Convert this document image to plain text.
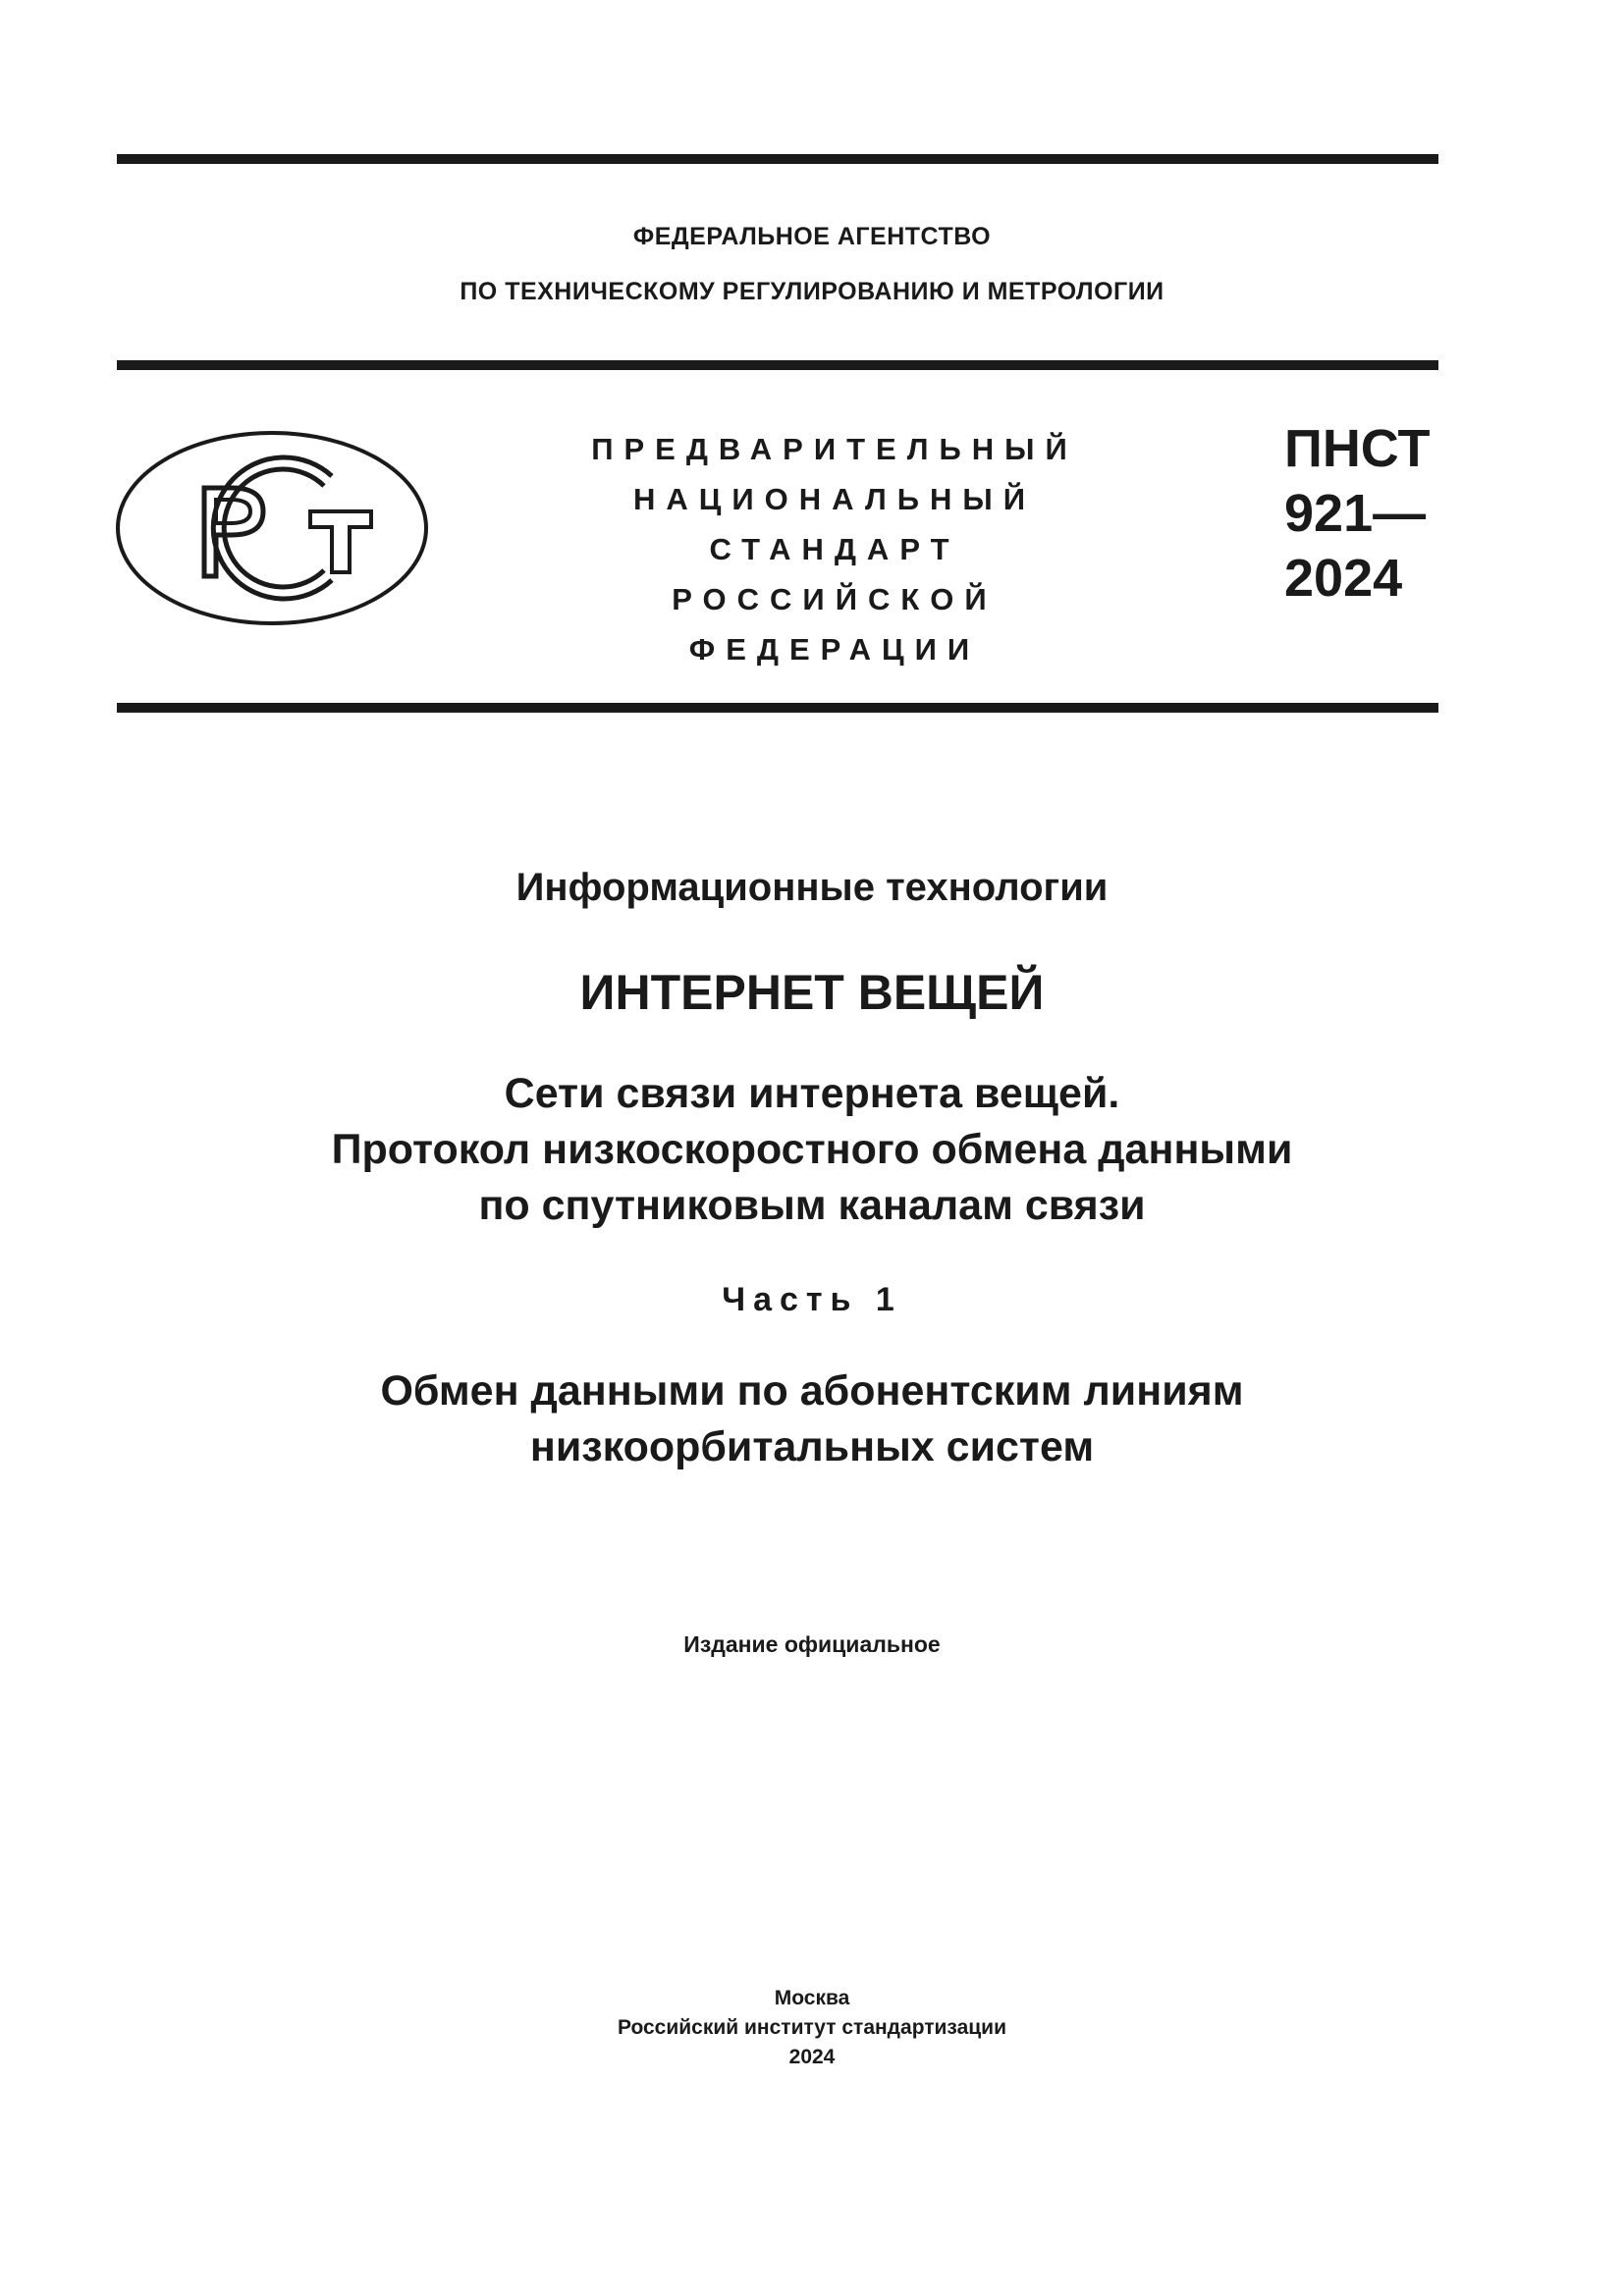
ФЕДЕРАЛЬНОЕ АГЕНТСТВО
ПО ТЕХНИЧЕСКОМУ РЕГУЛИРОВАНИЮ И МЕТРОЛОГИИ
ПРЕДВАРИТЕЛЬНЫЙ
НАЦИОНАЛЬНЫЙ
СТАНДАРТ
РОССИЙСКОЙ
ФЕДЕРАЦИИ
ПНСТ
921—
2024
Информационные технологии
ИНТЕРНЕТ ВЕЩЕЙ
Сети связи интернета вещей.
Протокол низкоскоростного обмена данными
по спутниковым каналам связи
Часть 1
Обмен данными по абонентским линиям
низкоорбитальных систем
Издание официальное
Москва
Российский институт стандартизации
2024
